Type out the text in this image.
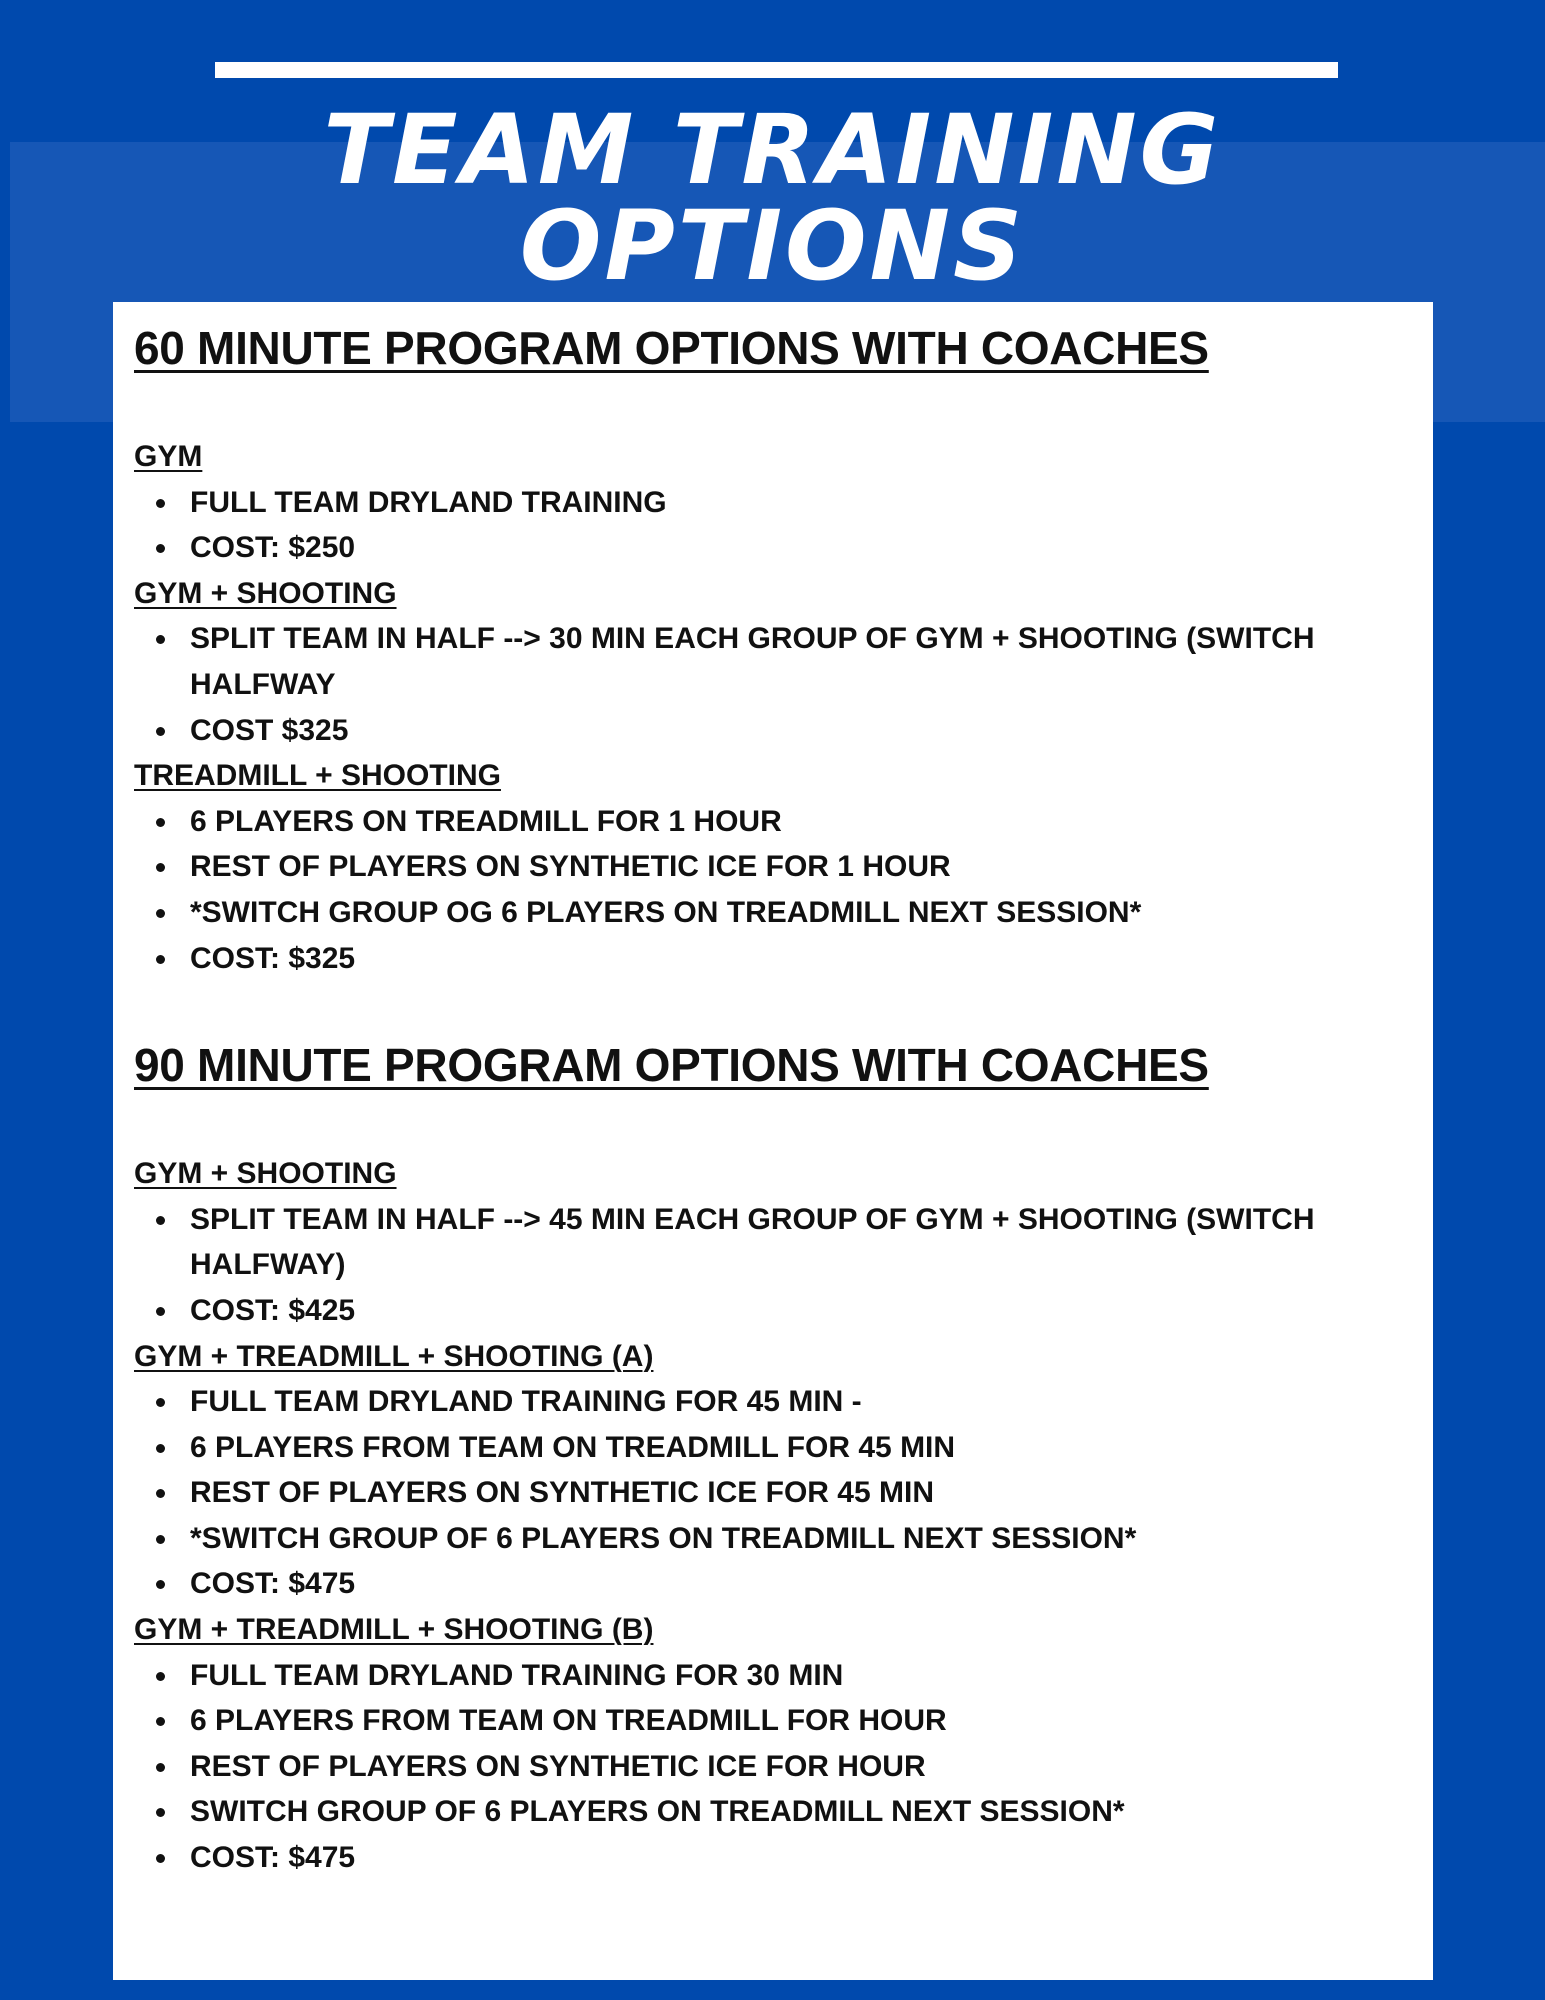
TEAM TRAINING
OPTIONS
60 MINUTE PROGRAM OPTIONS WITH COACHES
GYM
FULL TEAM DRYLAND TRAINING
COST: $250
GYM + SHOOTING
SPLIT TEAM IN HALF --> 30 MIN EACH GROUP OF GYM + SHOOTING (SWITCH HALFWAY
COST $325
TREADMILL + SHOOTING
6 PLAYERS ON TREADMILL FOR 1 HOUR
REST OF PLAYERS ON SYNTHETIC ICE FOR 1 HOUR
*SWITCH GROUP OG 6 PLAYERS ON TREADMILL NEXT SESSION*
COST: $325
90 MINUTE PROGRAM OPTIONS WITH COACHES
GYM + SHOOTING
SPLIT TEAM IN HALF --> 45 MIN EACH GROUP OF GYM + SHOOTING (SWITCH HALFWAY)
COST: $425
GYM + TREADMILL + SHOOTING (A)
FULL TEAM DRYLAND TRAINING FOR 45 MIN -
6 PLAYERS FROM TEAM ON TREADMILL FOR 45 MIN
REST OF PLAYERS ON SYNTHETIC ICE FOR 45 MIN
*SWITCH GROUP OF 6 PLAYERS ON TREADMILL NEXT SESSION*
COST: $475
GYM + TREADMILL + SHOOTING (B)
FULL TEAM DRYLAND TRAINING FOR 30 MIN
6 PLAYERS FROM TEAM ON TREADMILL FOR HOUR
REST OF PLAYERS ON SYNTHETIC ICE FOR HOUR
SWITCH GROUP OF 6 PLAYERS ON TREADMILL NEXT SESSION*
COST: $475
